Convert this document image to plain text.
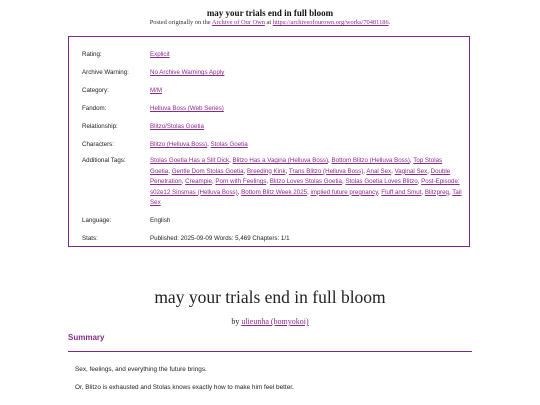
may your trials end in full bloom
Posted originally on the Archive of Our Own at https://archiveofourown.org/works/70481186.
Rating:	Explicit
Archive Warning:	No Archive Warnings Apply
Category:	M/M
Fandom:	Helluva Boss (Web Series)
Relationship:	Blitzo/Stolas Goetia
Characters:	Blitzo (Helluva Boss), Stolas Goetia
Additional Tags:	Stolas Goetia Has a Slit Dick, Blitzo Has a Vagina (Helluva Boss), Bottom Blitzo (Helluva Boss), Top Stolas Goetia, Gentle Dom Stolas Goetia, Breeding Kink, Trans Blitzo (Helluva Boss), Anal Sex, Vaginal Sex, Double Penetration, Creampie, Porn with Feelings, Blitzo Loves Stolas Goetia, Stolas Goetia Loves Blitzo, Post-Episode: s02e12 Sinsmas (Helluva Boss), Bottom Blitz Week 2025, implied future pregnancy, Fluff and Smut, Blitzpreg, Tail Sex
Language:	English
Stats:	Published: 2025-09-09 Words: 5,469 Chapters: 1/1
may your trials end in full bloom
by ulieunha (bomyokoi)
Summary
Sex, feelings, and everything the future brings.
Or, Blitzo is exhausted and Stolas knows exactly how to make him feel better.
